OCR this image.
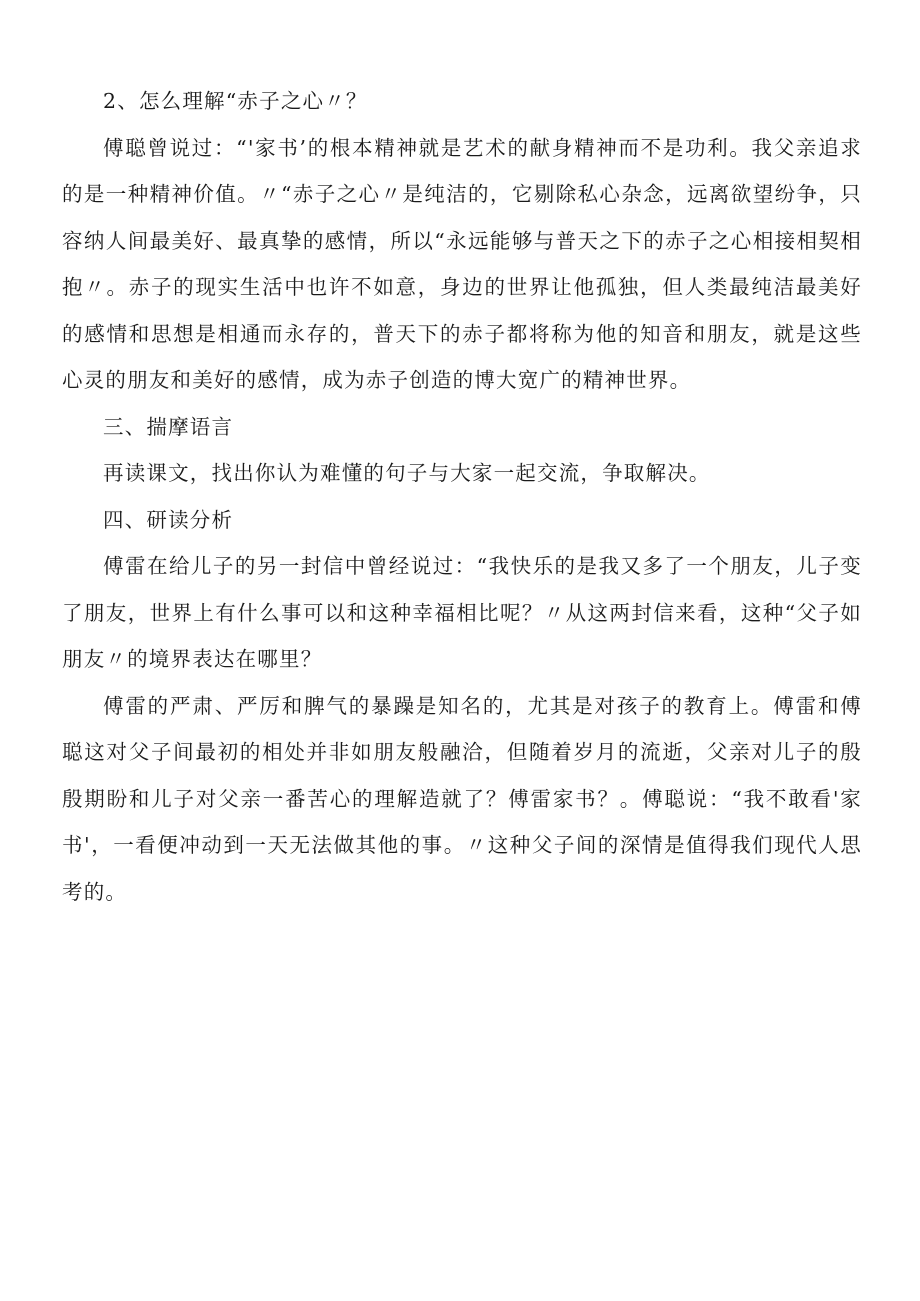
2、怎么理解“赤子之心〃？

傅聪曾说过：“'家书’的根本精神就是艺术的献身精神而不是功利。我父亲追求的是一种精神价值。〃“赤子之心〃是纯洁的，它剔除私心杂念，远离欲望纷争，只容纳人间最美好、最真挚的感情，所以“永远能够与普天之下的赤子之心相接相契相抱〃。赤子的现实生活中也许不如意，身边的世界让他孤独，但人类最纯洁最美好的感情和思想是相通而永存的，普天下的赤子都将称为他的知音和朋友，就是这些心灵的朋友和美好的感情，成为赤子创造的博大宽广的精神世界。

三、揣摩语言

再读课文，找出你认为难懂的句子与大家一起交流，争取解决。

四、研读分析

傅雷在给儿子的另一封信中曾经说过：“我快乐的是我又多了一个朋友，儿子变了朋友，世界上有什么事可以和这种幸福相比呢？〃从这两封信来看，这种“父子如朋友〃的境界表达在哪里？

傅雷的严肃、严厉和脾气的暴躁是知名的，尤其是对孩子的教育上。傅雷和傅聪这对父子间最初的相处并非如朋友般融洽，但随着岁月的流逝，父亲对儿子的殷殷期盼和儿子对父亲一番苦心的理解造就了？傅雷家书？。傅聪说：“我不敢看'家书'，一看便冲动到一天无法做其他的事。〃这种父子间的深情是值得我们现代人思考的。
